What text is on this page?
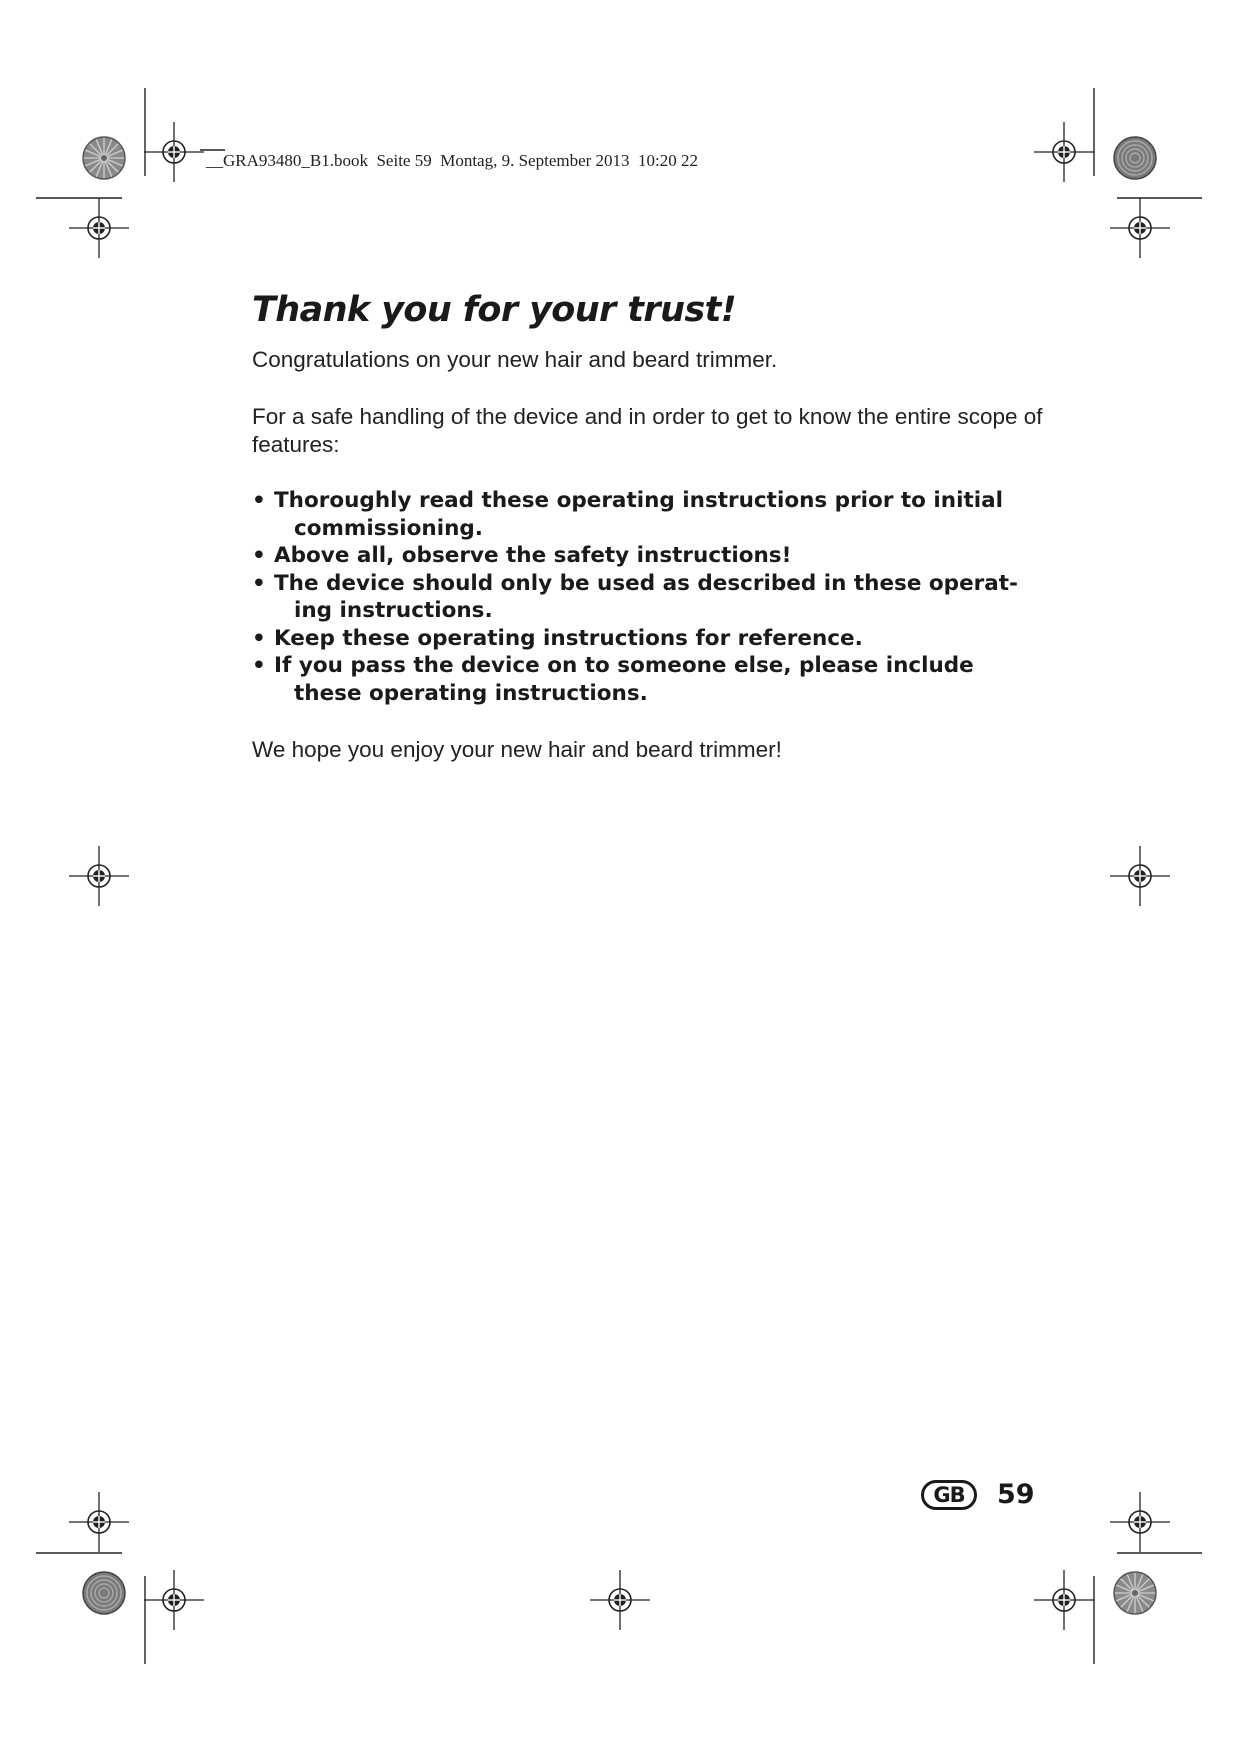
__GRA93480_B1.book  Seite 59  Montag, 9. September 2013  10:20 22
Thank you for your trust!

Congratulations on your new hair and beard trimmer.

For a safe handling of the device and in order to get to know the entire scope of features:

• Thoroughly read these operating instructions prior to initial
commissioning.
• Above all, observe the safety instructions!
• The device should only be used as described in these operat-
ing instructions.
• Keep these operating instructions for reference.
• If you pass the device on to someone else, please include
these operating instructions.

We hope you enjoy your new hair and beard trimmer!

GB	59
